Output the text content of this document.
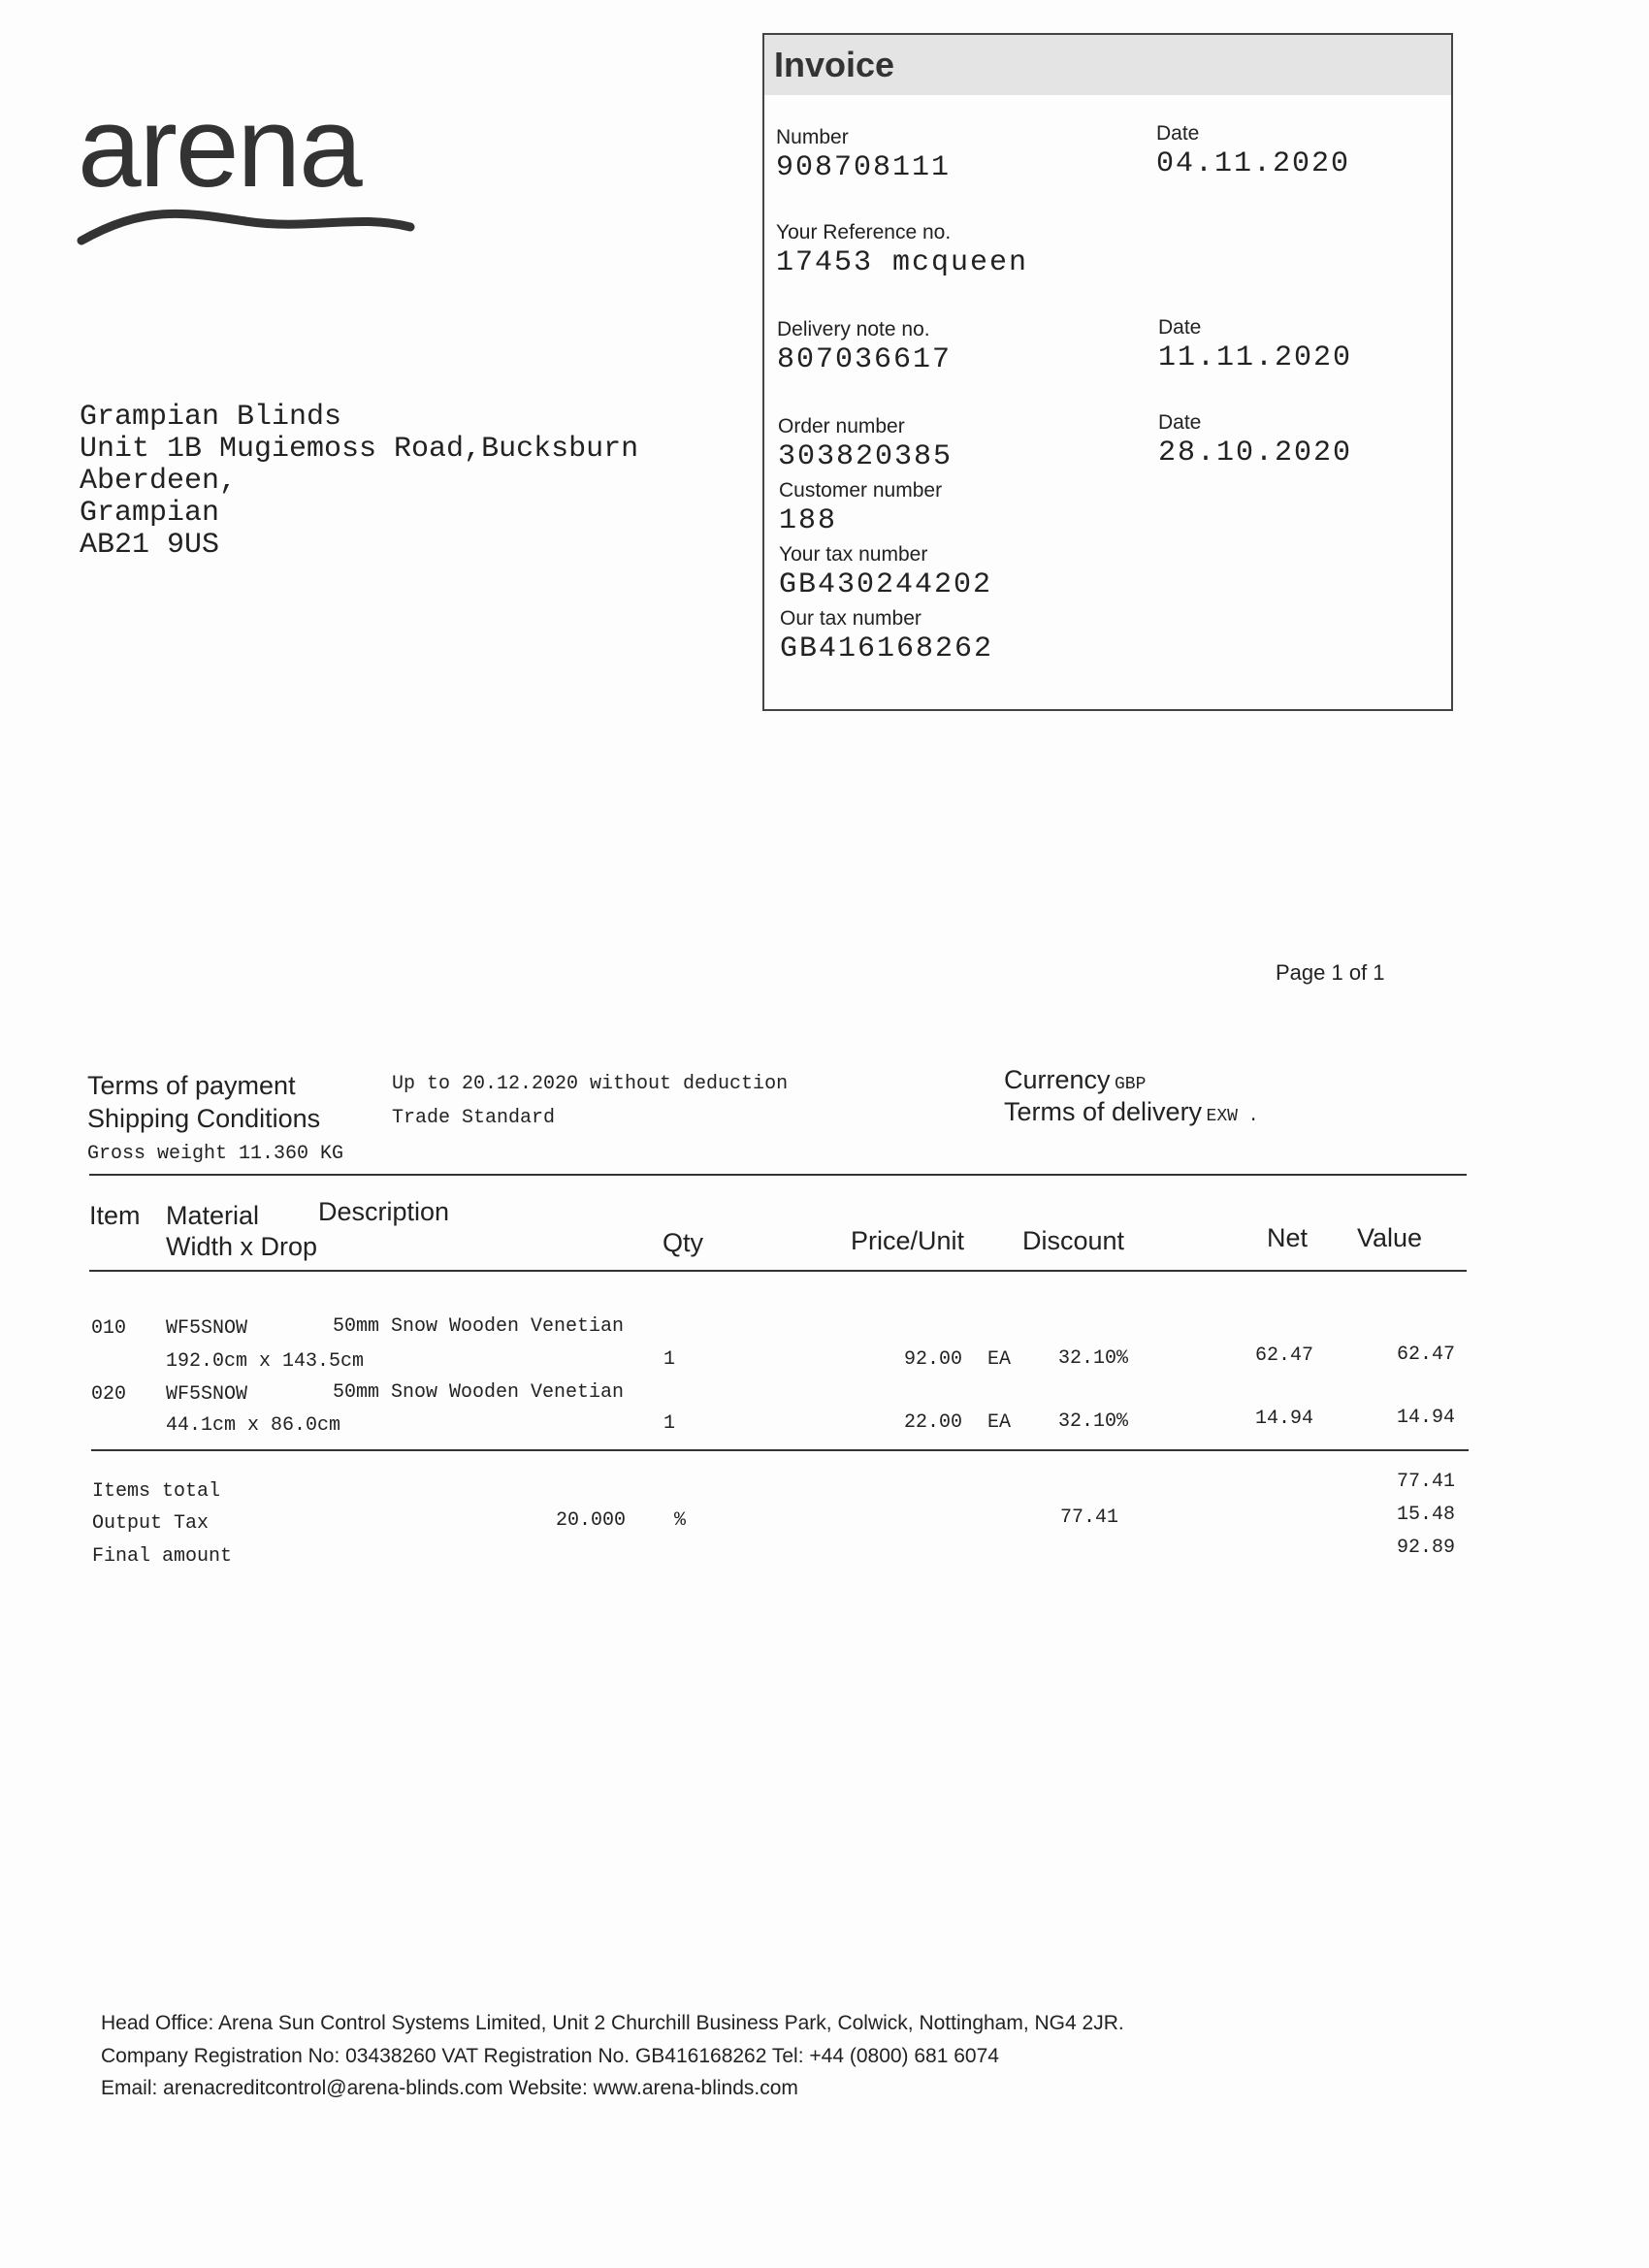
arena
Invoice
Number
908708111
Date
04.11.2020
Your Reference no.
17453 mcqueen
Delivery note no.
807036617
Date
11.11.2020
Order number
303820385
Date
28.10.2020
Customer number
188
Your tax number
GB430244202
Our tax number
GB416168262
Grampian Blinds
Unit 1B Mugiemoss Road,Bucksburn
Aberdeen,
Grampian
AB21 9US
Page 1 of 1
Terms of payment	Up to 20.12.2020 without deduction
Shipping Conditions	Trade Standard
Gross weight 11.360 KG
Currency GBP
Terms of delivery EXW .
Item Material Description
Width x Drop	Qty	Price/Unit Discount	Net Value
010 WF5SNOW	50mm Snow Wooden Venetian
192.0cm x 143.5cm	1	92.00 EA 32.10%	62.47	62.47
020 WF5SNOW	50mm Snow Wooden Venetian
44.1cm x 86.0cm	1	22.00 EA 32.10%	14.94	14.94
Items total	77.41
Output Tax	20.000 %	77.41	15.48
Final amount	92.89
Head Office: Arena Sun Control Systems Limited, Unit 2 Churchill Business Park, Colwick, Nottingham, NG4 2JR.
Company Registration No: 03438260 VAT Registration No. GB416168262 Tel: +44 (0800) 681 6074
Email: arenacreditcontrol@arena-blinds.com Website: www.arena-blinds.com
